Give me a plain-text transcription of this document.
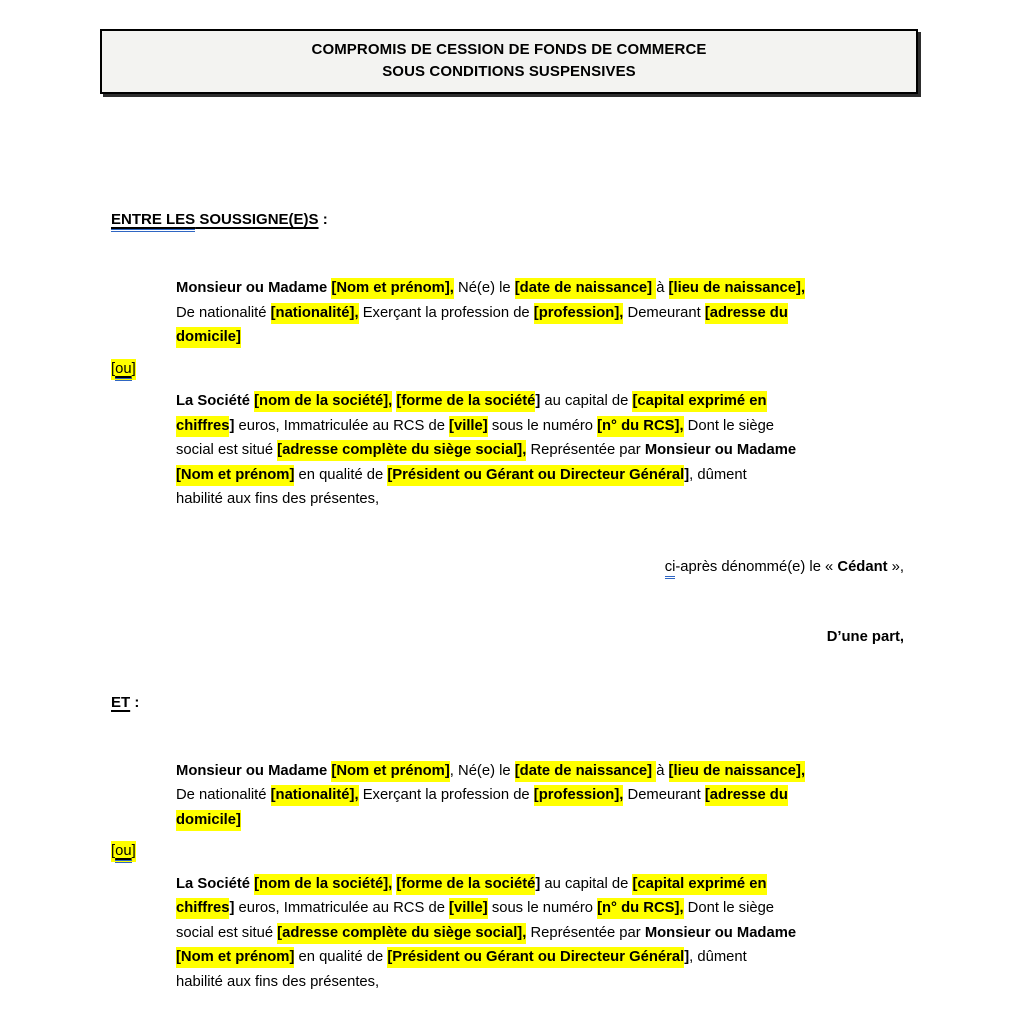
COMPROMIS DE CESSION DE FONDS DE COMMERCE
SOUS CONDITIONS SUSPENSIVES

ENTRE LES SOUSSIGNE(E)S :

Monsieur ou Madame [Nom et prénom], Né(e) le [date de naissance] à [lieu de naissance],
De nationalité [nationalité], Exerçant la profession de [profession], Demeurant [adresse du
domicile]

[ou]

La Société [nom de la société], [forme de la société] au capital de [capital exprimé en
chiffres] euros, Immatriculée au RCS de [ville] sous le numéro [n° du RCS], Dont le siège
social est situé [adresse complète du siège social], Représentée par Monsieur ou Madame
[Nom et prénom] en qualité de [Président ou Gérant ou Directeur Général], dûment
habilité aux fins des présentes,

ci-après dénommé(e) le « Cédant »,

D’une part,

ET :

Monsieur ou Madame [Nom et prénom], Né(e) le [date de naissance] à [lieu de naissance],
De nationalité [nationalité], Exerçant la profession de [profession], Demeurant [adresse du
domicile]

[ou]

La Société [nom de la société], [forme de la société] au capital de [capital exprimé en
chiffres] euros, Immatriculée au RCS de [ville] sous le numéro [n° du RCS], Dont le siège
social est situé [adresse complète du siège social], Représentée par Monsieur ou Madame
[Nom et prénom] en qualité de [Président ou Gérant ou Directeur Général], dûment
habilité aux fins des présentes,
